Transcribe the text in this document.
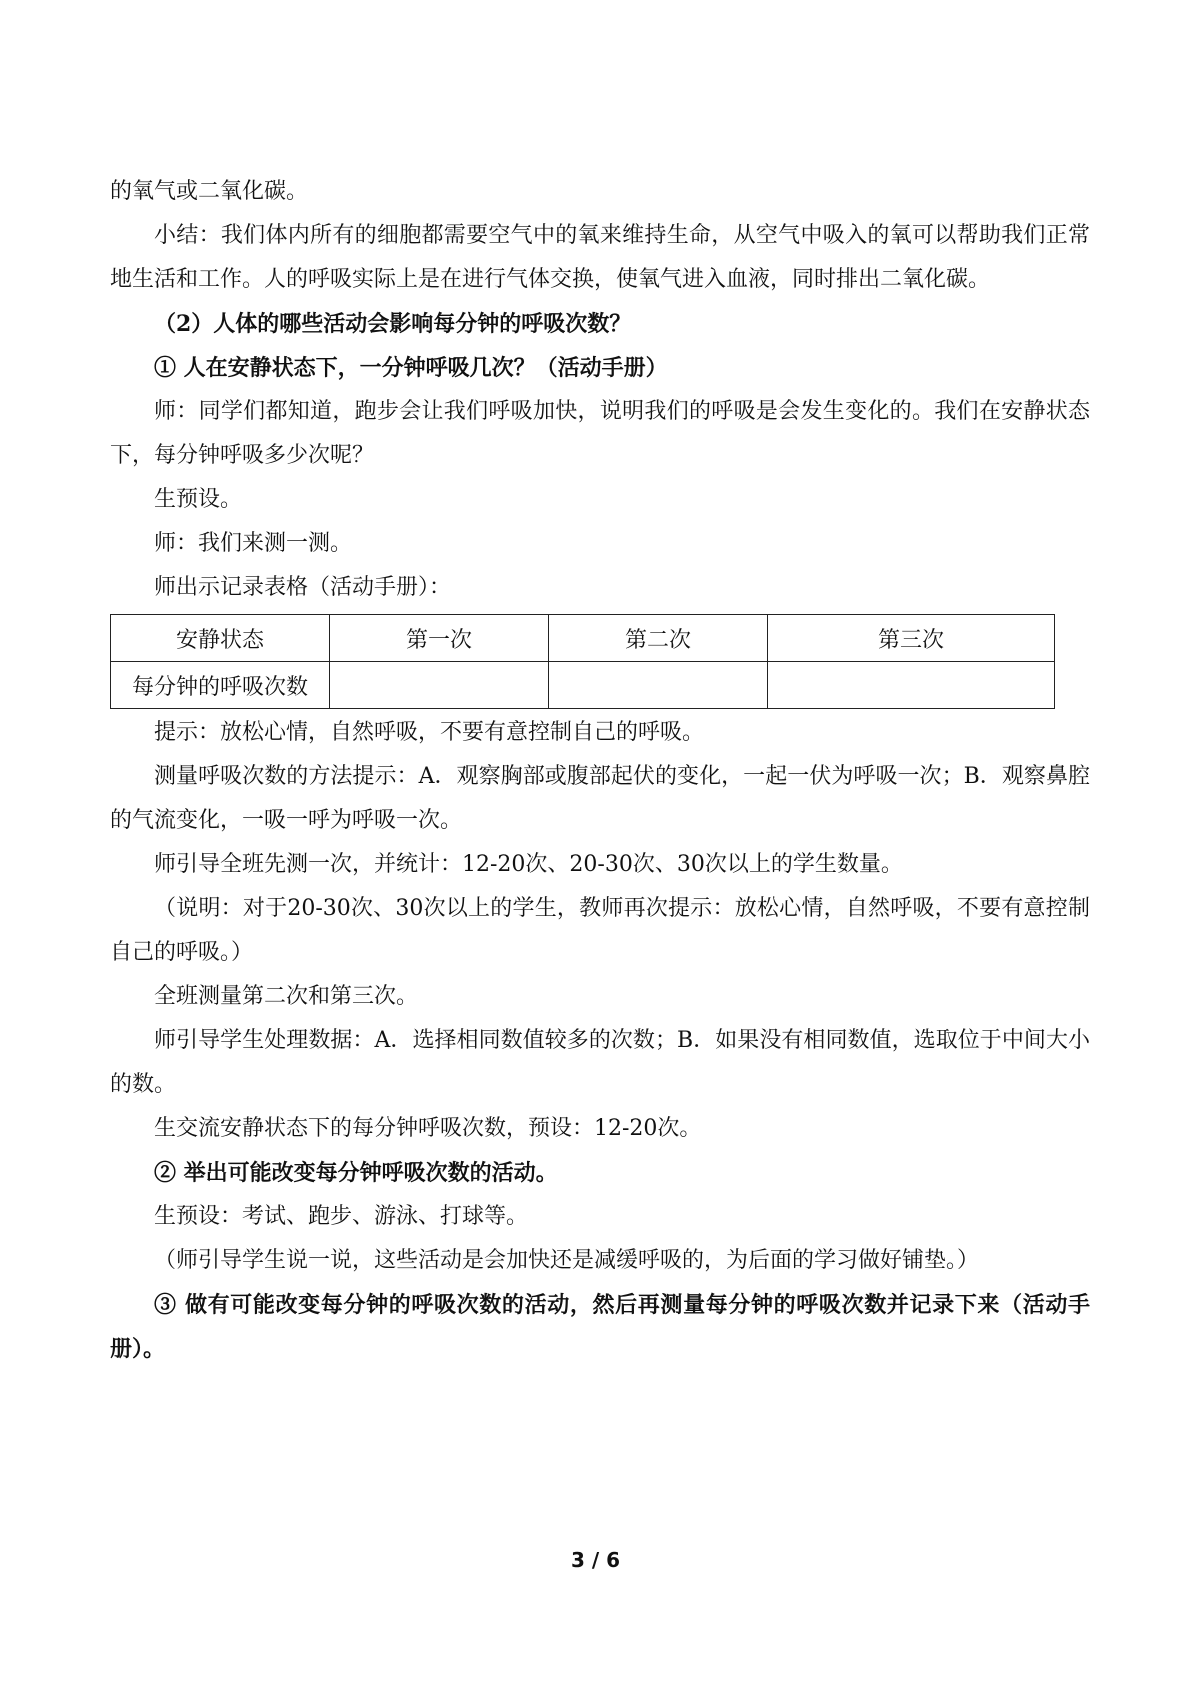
的氧气或二氧化碳。

小结：我们体内所有的细胞都需要空气中的氧来维持生命，从空气中吸入的氧可以帮助我们正常地生活和工作。人的呼吸实际上是在进行气体交换，使氧气进入血液，同时排出二氧化碳。

（2）人体的哪些活动会影响每分钟的呼吸次数？

① 人在安静状态下，一分钟呼吸几次？（活动手册）

师：同学们都知道，跑步会让我们呼吸加快，说明我们的呼吸是会发生变化的。我们在安静状态下，每分钟呼吸多少次呢？

生预设。

师：我们来测一测。

师出示记录表格（活动手册）：

安静状态	第一次	第二次	第三次
每分钟的呼吸次数			

提示：放松心情，自然呼吸，不要有意控制自己的呼吸。

测量呼吸次数的方法提示：A．观察胸部或腹部起伏的变化，一起一伏为呼吸一次；B．观察鼻腔的气流变化，一吸一呼为呼吸一次。

师引导全班先测一次，并统计：12-20次、20-30次、30次以上的学生数量。

（说明：对于20-30次、30次以上的学生，教师再次提示：放松心情，自然呼吸，不要有意控制自己的呼吸。）

全班测量第二次和第三次。

师引导学生处理数据：A．选择相同数值较多的次数；B．如果没有相同数值，选取位于中间大小的数。

生交流安静状态下的每分钟呼吸次数，预设：12-20次。

② 举出可能改变每分钟呼吸次数的活动。

生预设：考试、跑步、游泳、打球等。

（师引导学生说一说，这些活动是会加快还是减缓呼吸的，为后面的学习做好铺垫。）

③ 做有可能改变每分钟的呼吸次数的活动，然后再测量每分钟的呼吸次数并记录下来（活动手册）。

3 / 6
